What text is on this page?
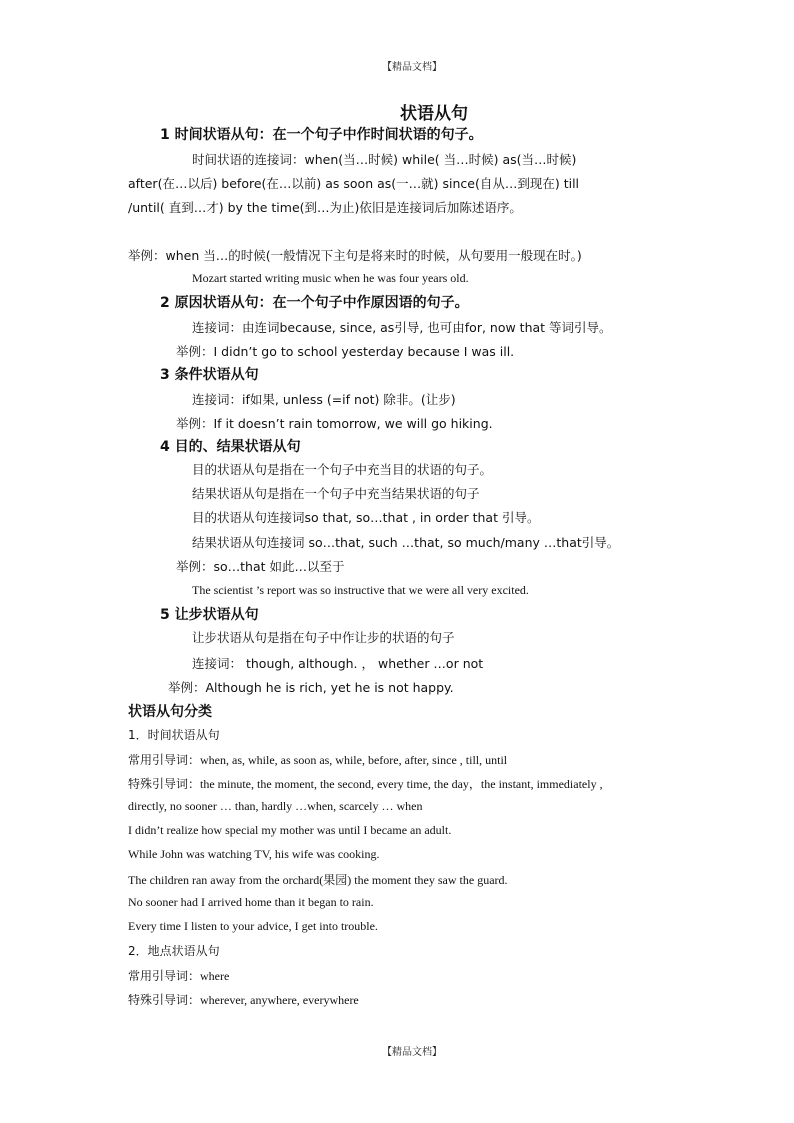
【精品文档】
状语从句
1 时间状语从句：在一个句子中作时间状语的句子。
时间状语的连接词：when(当…时候) while( 当…时候) as(当…时候)
after(在…以后) before(在…以前) as soon as(一…就) since(自从…到现在) till
/until( 直到…才) by the time(到…为止)依旧是连接词后加陈述语序。
举例：when 当…的时候(一般情况下主句是将来时的时候，从句要用一般现在时。)
Mozart started writing music when he was four years old.
2 原因状语从句：在一个句子中作原因语的句子。
连接词：由连词because, since, as引导, 也可由for, now that 等词引导。
举例：I didn’t go to school yesterday because I was ill.
3 条件状语从句
连接词：if如果, unless (=if not) 除非。(让步)
举例：If it doesn’t rain tomorrow, we will go hiking.
4 目的、结果状语从句
目的状语从句是指在一个句子中充当目的状语的句子。
结果状语从句是指在一个句子中充当结果状语的句子
目的状语从句连接词so that, so…that , in order that 引导。
结果状语从句连接词 so…that, such …that, so much/many …that引导。
举例：so…that 如此…以至于
The scientist ’s report was so instructive that we were all very excited.
5 让步状语从句
让步状语从句是指在句子中作让步的状语的句子
连接词： though, although. ， whether …or not
举例：Although he is rich, yet he is not happy.
状语从句分类
1．时间状语从句
常用引导词：when, as, while, as soon as, while, before, after, since , till, until
特殊引导词：the minute, the moment, the second, every time, the day，the instant, immediately ,
directly, no sooner … than, hardly …when, scarcely … when
I didn’t realize how special my mother was until I became an adult.
While John was watching TV, his wife was cooking.
The children ran away from the orchard(果园) the moment they saw the guard.
No sooner had I arrived home than it began to rain.
Every time I listen to your advice, I get into trouble.
2．地点状语从句
常用引导词：where
特殊引导词：wherever, anywhere, everywhere
【精品文档】
